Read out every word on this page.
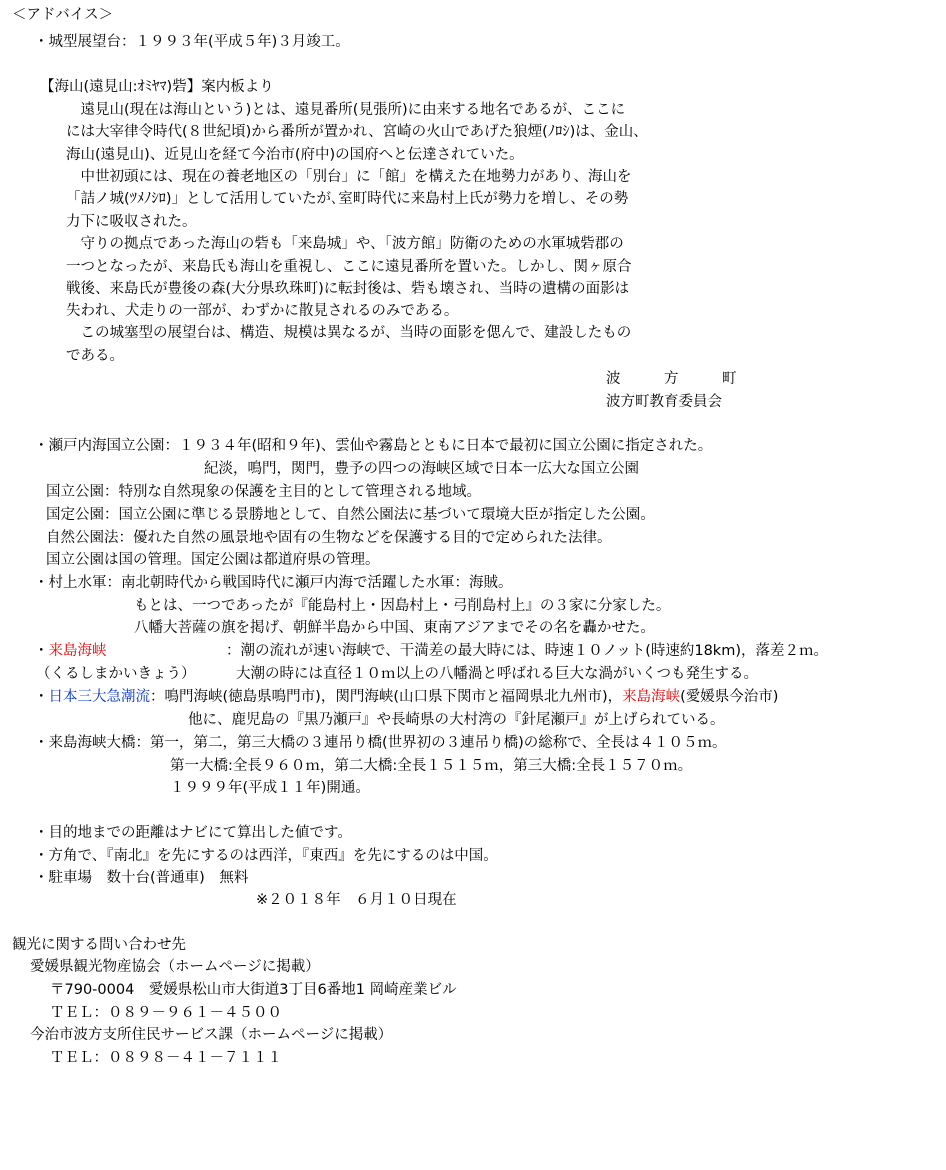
＜アドバイス＞
・城型展望台：１９９３年(平成５年)３月竣工。
【海山(遠見山:ｵﾐﾔﾏ)砦】案内板より
　遠見山(現在は海山という)とは、遠見番所(見張所)に由来する地名であるが、ここに
には大宰律令時代(８世紀頃)から番所が置かれ、宮崎の火山であげた狼煙(ﾉﾛｼ)は、金山、
海山(遠見山)、近見山を経て今治市(府中)の国府へと伝達されていた。
　中世初頭には、現在の養老地区の「別台」に「館」を構えた在地勢力があり、海山を
「詰ノ城(ﾂﾒﾉｼﾛ)」として活用していたが､室町時代に来島村上氏が勢力を増し、その勢
力下に吸収された。
　守りの拠点であった海山の砦も「来島城」や、「波方館」防衛のための水軍城砦郡の
一つとなったが、来島氏も海山を重視し、ここに遠見番所を置いた。しかし、関ヶ原合
戦後、来島氏が豊後の森(大分県玖珠町)に転封後は、砦も壊され、当時の遺構の面影は
失われ、犬走りの一部が、わずかに散見されるのみである。
　この城塞型の展望台は、構造、規模は異なるが、当時の面影を偲んで、建設したもの
である。
波　　　方　　　町
波方町教育委員会
・瀬戸内海国立公園：１９３４年(昭和９年)、雲仙や霧島とともに日本で最初に国立公園に指定された。
紀淡，鳴門，関門，豊予の四つの海峡区域で日本一広大な国立公園
国立公園：特別な自然現象の保護を主目的として管理される地域。
国定公園：国立公園に準じる景勝地として、自然公園法に基づいて環境大臣が指定した公園。
自然公園法：優れた自然の風景地や固有の生物などを保護する目的で定められた法律。
国立公園は国の管理。国定公園は都道府県の管理。
・村上水軍：南北朝時代から戦国時代に瀬戸内海で活躍した水軍：海賊。
もとは、一つであったが『能島村上・因島村上・弓削島村上』の３家に分家した。
八幡大菩薩の旗を掲げ、朝鮮半島から中国、東南アジアまでその名を轟かせた。
・来島海峡	：潮の流れが速い海峡で、干満差の最大時には、時速１０ノット(時速約18km)，落差２ｍ。
（くるしまかいきょう）	大潮の時には直径１０ｍ以上の八幡渦と呼ばれる巨大な渦がいくつも発生する。
・日本三大急潮流：鳴門海峡(徳島県鳴門市)，関門海峡(山口県下関市と福岡県北九州市)，来島海峡(愛媛県今治市)
他に、鹿児島の『黒乃瀬戸』や長崎県の大村湾の『針尾瀬戸』が上げられている。
・来島海峡大橋：第一，第二，第三大橋の３連吊り橋(世界初の３連吊り橋)の総称で、全長は４１０５ｍ。
第一大橋:全長９６０ｍ，第二大橋:全長１５１５ｍ，第三大橋:全長１５７０ｍ。
１９９９年(平成１１年)開通。
・目的地までの距離はナビにて算出した値です。
・方角で、『南北』を先にするのは西洋，『東西』を先にするのは中国。
・駐車場　数十台(普通車)　無料
※２０１８年　６月１０日現在
観光に関する問い合わせ先
愛媛県観光物産協会（ホームページに掲載）
〒790-0004　愛媛県松山市大街道3丁目6番地1 岡崎産業ビル
ＴＥＬ：０８９－９６１－４５００
今治市波方支所住民サービス課（ホームページに掲載）
ＴＥＬ：０８９８－４１－７１１１
